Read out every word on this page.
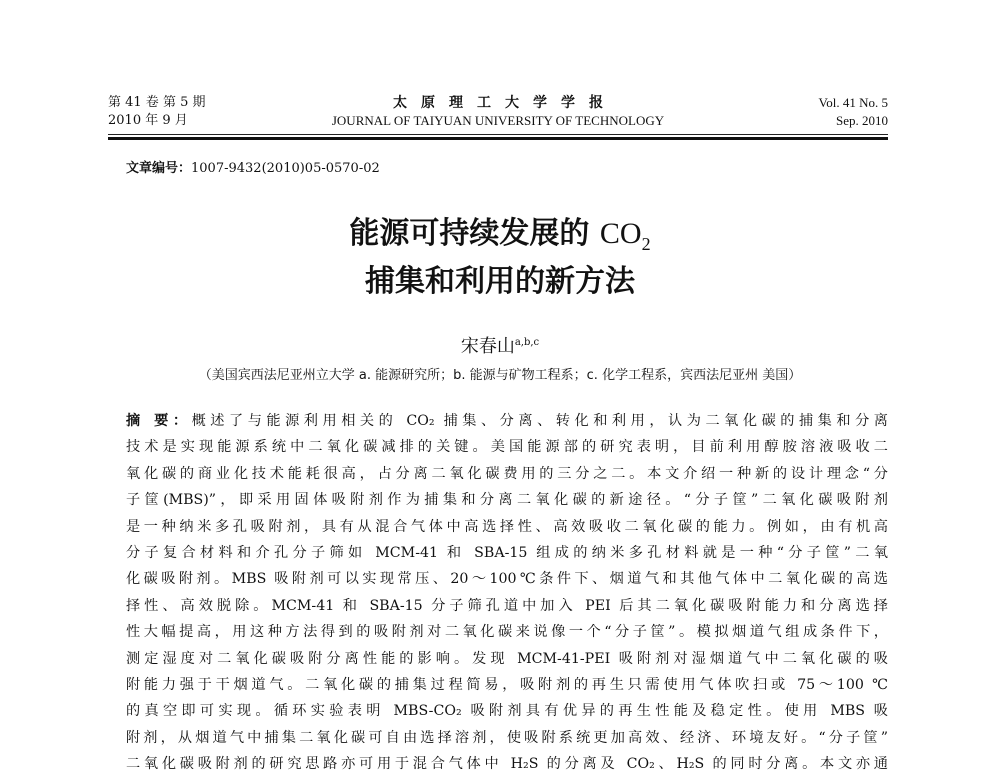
第 41 卷 第 5 期
2010 年 9 月
太原理工大学学报
JOURNAL OF TAIYUAN UNIVERSITY OF TECHNOLOGY
Vol. 41 No. 5
Sep. 2010
文章编号：1007-9432(2010)05-0570-02
能源可持续发展的 $CO_2$
捕集和利用的新方法
宋春山$^{a,b,c}$
（美国宾西法尼亚州立大学 a. 能源研究所；b. 能源与矿物工程系；c. 化学工程系，宾西法尼亚州 美国）
摘 要：概述了与能源利用相关的 CO₂ 捕集、分离、转化和利用，认为二氧化碳的捕集和分离
技术是实现能源系统中二氧化碳减排的关键。美国能源部的研究表明，目前利用醇胺溶液吸收二
氧化碳的商业化技术能耗很高，占分离二氧化碳费用的三分之二。本文介绍一种新的设计理念“分
子筐(MBS)”，即采用固体吸附剂作为捕集和分离二氧化碳的新途径。“分子筐”二氧化碳吸附剂
是一种纳米多孔吸附剂，具有从混合气体中高选择性、高效吸收二氧化碳的能力。例如，由有机高
分子复合材料和介孔分子筛如 MCM-41 和 SBA-15 组成的纳米多孔材料就是一种“分子筐”二氧
化碳吸附剂。MBS 吸附剂可以实现常压、20～100℃条件下、烟道气和其他气体中二氧化碳的高选
择性、高效脱除。MCM-41 和 SBA-15 分子筛孔道中加入 PEI 后其二氧化碳吸附能力和分离选择
性大幅提高，用这种方法得到的吸附剂对二氧化碳来说像一个“分子筐”。模拟烟道气组成条件下，
测定湿度对二氧化碳吸附分离性能的影响。发现 MCM-41-PEI 吸附剂对湿烟道气中二氧化碳的吸
附能力强于干烟道气。二氧化碳的捕集过程简易，吸附剂的再生只需使用气体吹扫或 75～100 ℃
的真空即可实现。循环实验表明 MBS-CO₂ 吸附剂具有优异的再生性能及稳定性。使用 MBS 吸
附剂，从烟道气中捕集二氧化碳可自由选择溶剂，使吸附系统更加高效、经济、环境友好。“分子筐”
二氧化碳吸附剂的研究思路亦可用于混合气体中 H₂S 的分离及 CO₂、H₂S 的同时分离。本文亦通
